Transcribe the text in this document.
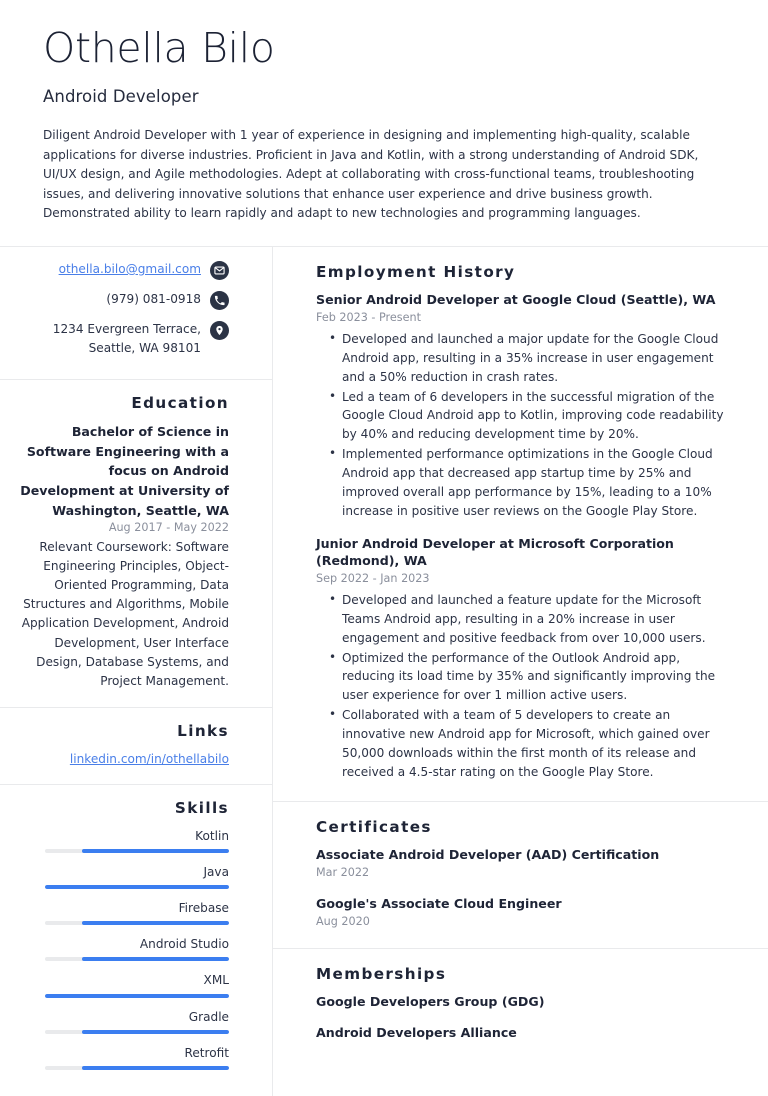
Othella Bilo
Android Developer

Diligent Android Developer with 1 year of experience in designing and implementing high-quality, scalable applications for diverse industries. Proficient in Java and Kotlin, with a strong understanding of Android SDK, UI/UX design, and Agile methodologies. Adept at collaborating with cross-functional teams, troubleshooting issues, and delivering innovative solutions that enhance user experience and drive business growth. Demonstrated ability to learn rapidly and adapt to new technologies and programming languages.

othella.bilo@gmail.com
(979) 081-0918
1234 Evergreen Terrace, Seattle, WA 98101
Education
Bachelor of Science in Software Engineering with a focus on Android Development at University of Washington, Seattle, WA
Aug 2017 - May 2022
Relevant Coursework: Software Engineering Principles, Object-Oriented Programming, Data Structures and Algorithms, Mobile Application Development, Android Development, User Interface Design, Database Systems, and Project Management.
Links
linkedin.com/in/othellabilo
Skills
Kotlin
Java
Firebase
Android Studio
XML
Gradle
Retrofit
Employment History
Senior Android Developer at Google Cloud (Seattle), WA
Feb 2023 - Present
• Developed and launched a major update for the Google Cloud Android app, resulting in a 35% increase in user engagement and a 50% reduction in crash rates.
• Led a team of 6 developers in the successful migration of the Google Cloud Android app to Kotlin, improving code readability by 40% and reducing development time by 20%.
• Implemented performance optimizations in the Google Cloud Android app that decreased app startup time by 25% and improved overall app performance by 15%, leading to a 10% increase in positive user reviews on the Google Play Store.
Junior Android Developer at Microsoft Corporation (Redmond), WA
Sep 2022 - Jan 2023
• Developed and launched a feature update for the Microsoft Teams Android app, resulting in a 20% increase in user engagement and positive feedback from over 10,000 users.
• Optimized the performance of the Outlook Android app, reducing its load time by 35% and significantly improving the user experience for over 1 million active users.
• Collaborated with a team of 5 developers to create an innovative new Android app for Microsoft, which gained over 50,000 downloads within the first month of its release and received a 4.5-star rating on the Google Play Store.
Certificates
Associate Android Developer (AAD) Certification
Mar 2022
Google's Associate Cloud Engineer
Aug 2020
Memberships
Google Developers Group (GDG)
Android Developers Alliance
